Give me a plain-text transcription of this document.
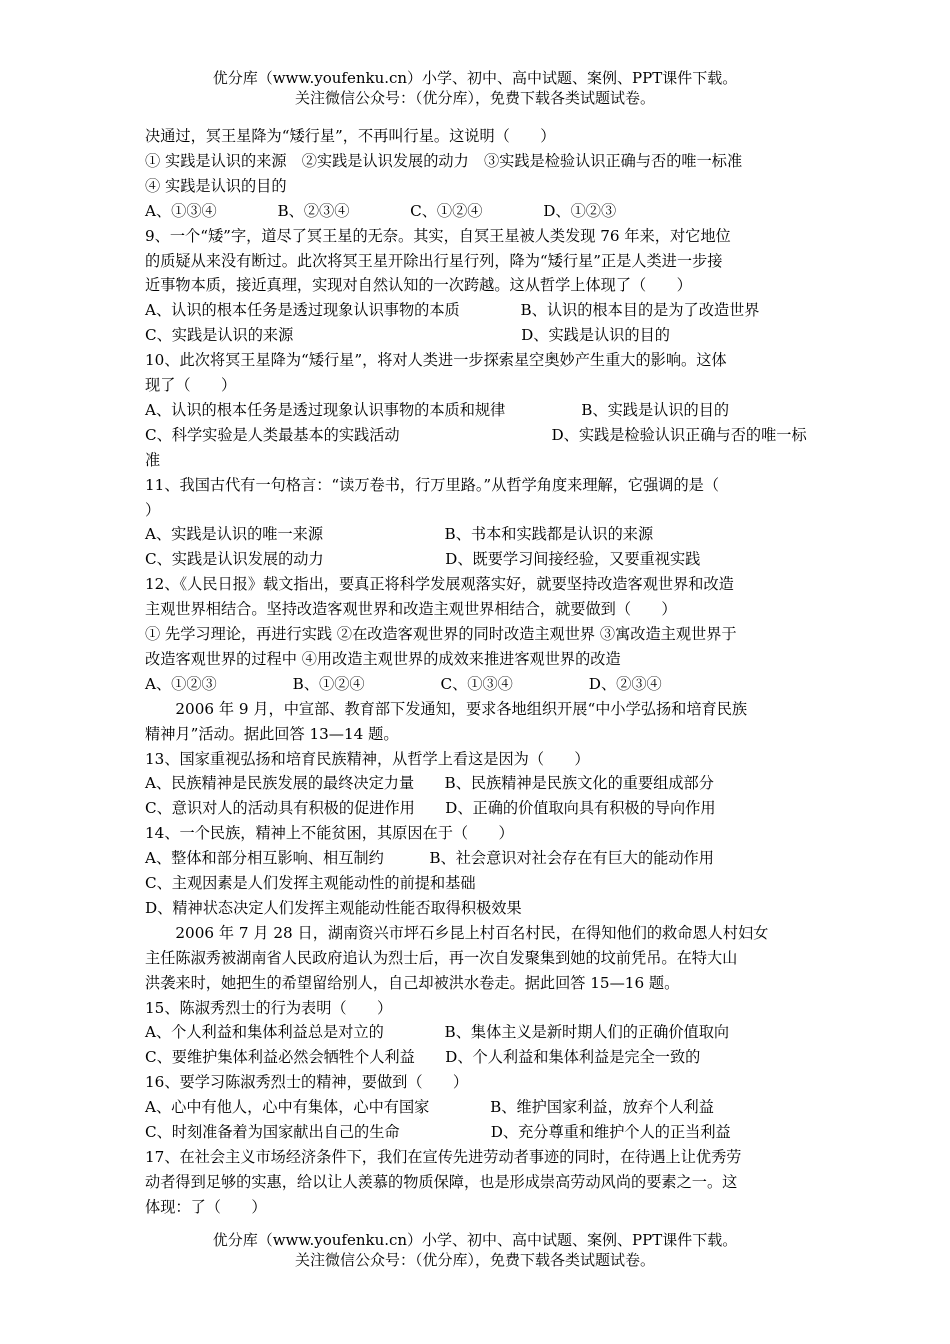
优分库（www.youfenku.cn）小学、初中、高中试题、案例、PPT课件下载。
关注微信公众号：（优分库），免费下载各类试题试卷。
决通过，冥王星降为“矮行星”，不再叫行星。这说明（　　）
① 实践是认识的来源　②实践是认识发展的动力　③实践是检验认识正确与否的唯一标准
④ 实践是认识的目的
A、①③④　　　　B、②③④　　　　C、①②④　　　　D、①②③
9、一个“矮”字，道尽了冥王星的无奈。其实，自冥王星被人类发现 76 年来，对它地位
的质疑从来没有断过。此次将冥王星开除出行星行列，降为“矮行星”正是人类进一步接
近事物本质，接近真理，实现对自然认知的一次跨越。这从哲学上体现了（　　）
A、认识的根本任务是透过现象认识事物的本质　　　　B、认识的根本目的是为了改造世界
C、实践是认识的来源　　　　　　　　　　　　　　　D、实践是认识的目的
10、此次将冥王星降为“矮行星”，将对人类进一步探索星空奥妙产生重大的影响。这体
现了（　　）
A、认识的根本任务是透过现象认识事物的本质和规律　　　　　B、实践是认识的目的
C、科学实验是人类最基本的实践活动　　　　　　　　　　D、实践是检验认识正确与否的唯一标
准
11、我国古代有一句格言：“读万卷书，行万里路。”从哲学角度来理解，它强调的是（
）
A、实践是认识的唯一来源　　　　　　　　B、书本和实践都是认识的来源
C、实践是认识发展的动力　　　　　　　　D、既要学习间接经验，又要重视实践
12、《人民日报》载文指出，要真正将科学发展观落实好，就要坚持改造客观世界和改造
主观世界相结合。坚持改造客观世界和改造主观世界相结合，就要做到（　　）
① 先学习理论，再进行实践 ②在改造客观世界的同时改造主观世界 ③寓改造主观世界于
改造客观世界的过程中 ④用改造主观世界的成效来推进客观世界的改造
A、①②③　　　　　B、①②④　　　　　C、①③④　　　　　D、②③④
　　2006 年 9 月，中宣部、教育部下发通知，要求各地组织开展“中小学弘扬和培育民族
精神月”活动。据此回答 13—14 题。
13、国家重视弘扬和培育民族精神，从哲学上看这是因为（　　）
A、民族精神是民族发展的最终决定力量　　B、民族精神是民族文化的重要组成部分
C、意识对人的活动具有积极的促进作用　　D、正确的价值取向具有积极的导向作用
14、一个民族，精神上不能贫困，其原因在于（　　）
A、整体和部分相互影响、相互制约　　　B、社会意识对社会存在有巨大的能动作用
C、主观因素是人们发挥主观能动性的前提和基础
D、精神状态决定人们发挥主观能动性能否取得积极效果
　　2006 年 7 月 28 日，湖南资兴市坪石乡昆上村百名村民，在得知他们的救命恩人村妇女
主任陈淑秀被湖南省人民政府追认为烈士后，再一次自发聚集到她的坟前凭吊。在特大山
洪袭来时，她把生的希望留给别人，自己却被洪水卷走。据此回答 15—16 题。
15、陈淑秀烈士的行为表明（　　）
A、个人利益和集体利益总是对立的　　　　B、集体主义是新时期人们的正确价值取向
C、要维护集体利益必然会牺牲个人利益　　D、个人利益和集体利益是完全一致的
16、要学习陈淑秀烈士的精神，要做到（　　）
A、心中有他人，心中有集体，心中有国家　　　　B、维护国家利益，放弃个人利益
C、时刻准备着为国家献出自己的生命　　　　　　D、充分尊重和维护个人的正当利益
17、在社会主义市场经济条件下，我们在宣传先进劳动者事迹的同时，在待遇上让优秀劳
动者得到足够的实惠，给以让人羡慕的物质保障，也是形成崇高劳动风尚的要素之一。这
体现：了（　　）
优分库（www.youfenku.cn）小学、初中、高中试题、案例、PPT课件下载。
关注微信公众号：（优分库），免费下载各类试题试卷。
